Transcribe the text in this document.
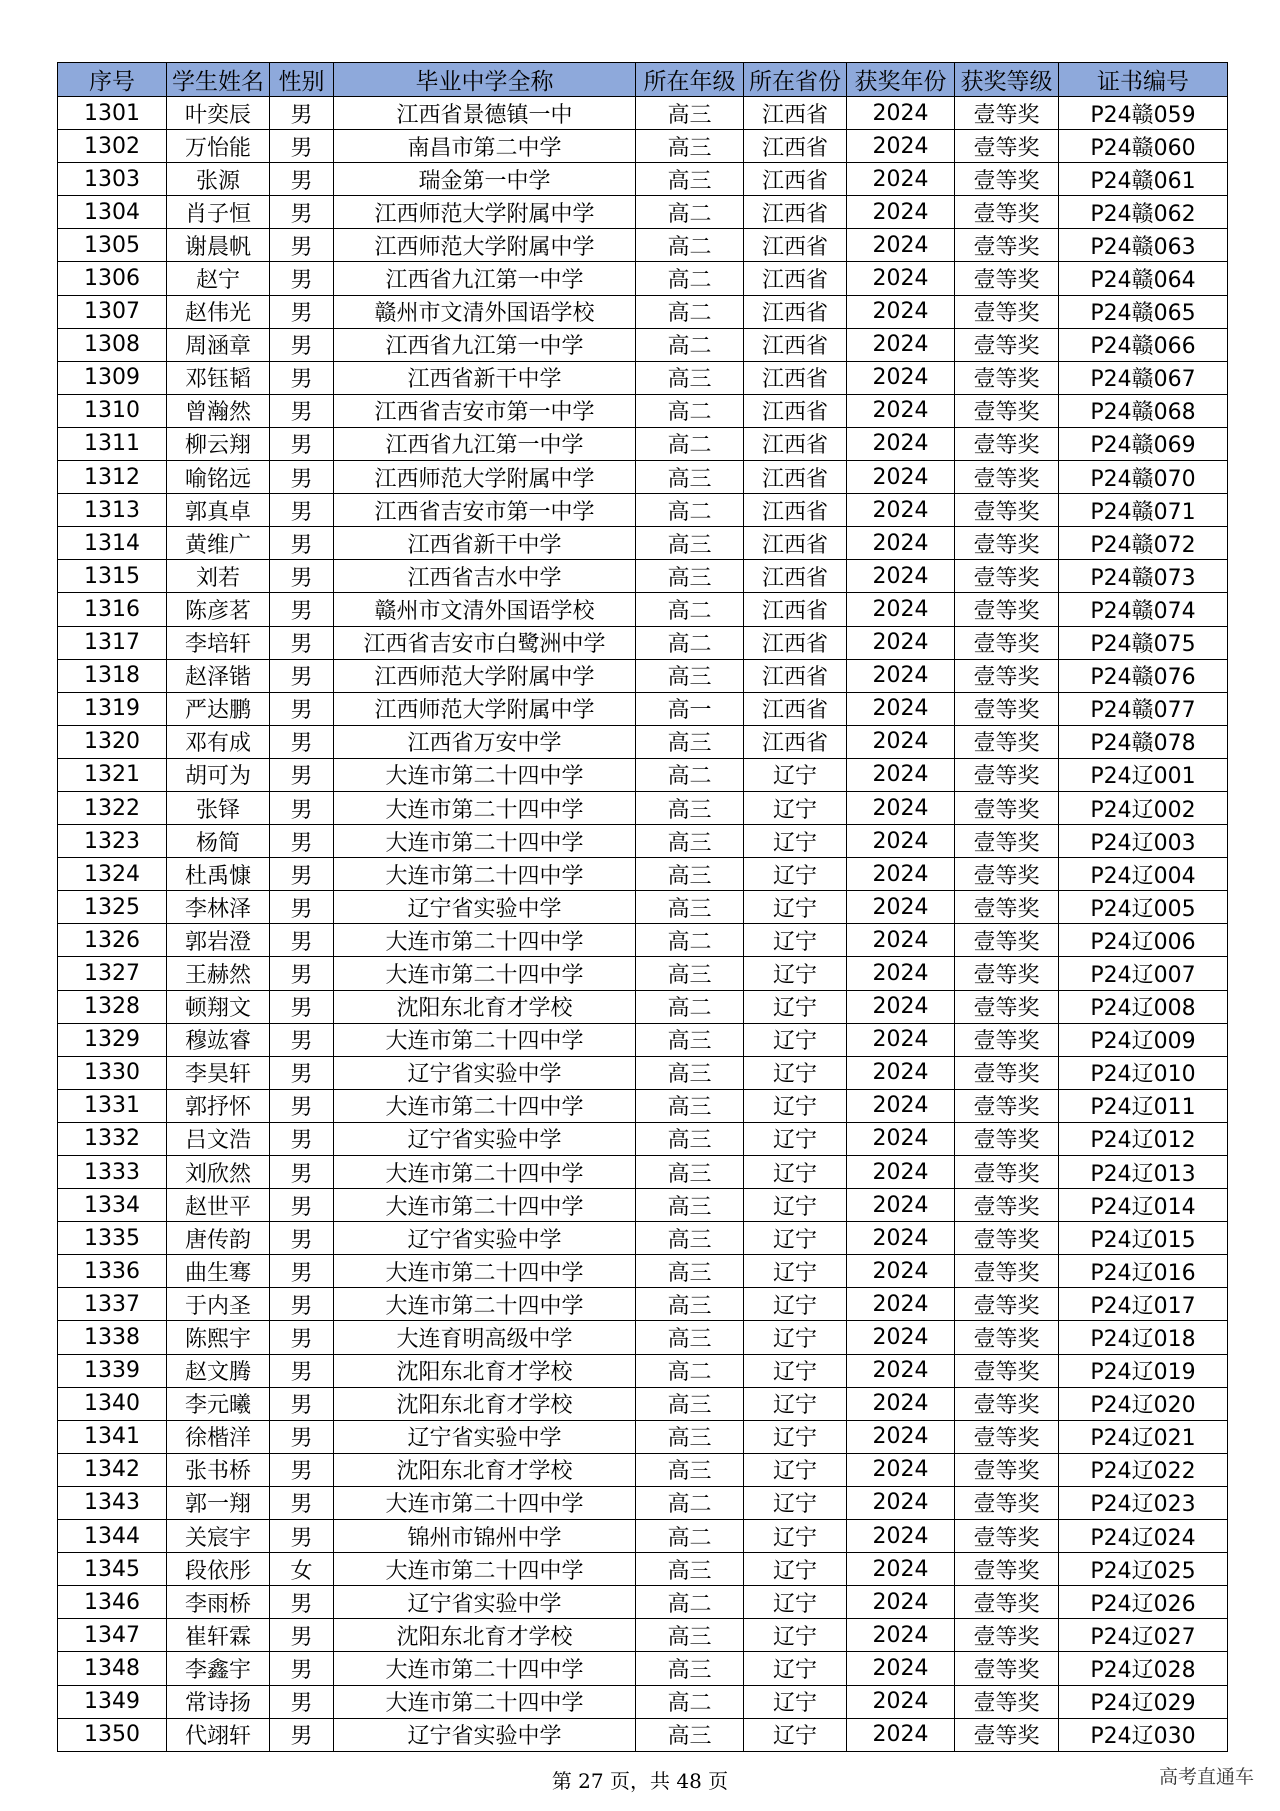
序号	学生姓名	性别	毕业中学全称	所在年级	所在省份	获奖年份	获奖等级	证书编号
1301	叶奕辰	男	江西省景德镇一中	高三	江西省	2024	壹等奖	P24赣059
1302	万怡能	男	南昌市第二中学	高三	江西省	2024	壹等奖	P24赣060
1303	张源	男	瑞金第一中学	高三	江西省	2024	壹等奖	P24赣061
1304	肖子恒	男	江西师范大学附属中学	高二	江西省	2024	壹等奖	P24赣062
1305	谢晨帆	男	江西师范大学附属中学	高二	江西省	2024	壹等奖	P24赣063
1306	赵宁	男	江西省九江第一中学	高二	江西省	2024	壹等奖	P24赣064
1307	赵伟光	男	赣州市文清外国语学校	高二	江西省	2024	壹等奖	P24赣065
1308	周涵章	男	江西省九江第一中学	高二	江西省	2024	壹等奖	P24赣066
1309	邓钰韬	男	江西省新干中学	高三	江西省	2024	壹等奖	P24赣067
1310	曾瀚然	男	江西省吉安市第一中学	高二	江西省	2024	壹等奖	P24赣068
1311	柳云翔	男	江西省九江第一中学	高二	江西省	2024	壹等奖	P24赣069
1312	喻铭远	男	江西师范大学附属中学	高三	江西省	2024	壹等奖	P24赣070
1313	郭真卓	男	江西省吉安市第一中学	高二	江西省	2024	壹等奖	P24赣071
1314	黄维广	男	江西省新干中学	高三	江西省	2024	壹等奖	P24赣072
1315	刘若	男	江西省吉水中学	高三	江西省	2024	壹等奖	P24赣073
1316	陈彦茗	男	赣州市文清外国语学校	高二	江西省	2024	壹等奖	P24赣074
1317	李培轩	男	江西省吉安市白鹭洲中学	高二	江西省	2024	壹等奖	P24赣075
1318	赵泽锴	男	江西师范大学附属中学	高三	江西省	2024	壹等奖	P24赣076
1319	严达鹏	男	江西师范大学附属中学	高一	江西省	2024	壹等奖	P24赣077
1320	邓有成	男	江西省万安中学	高三	江西省	2024	壹等奖	P24赣078
1321	胡可为	男	大连市第二十四中学	高二	辽宁	2024	壹等奖	P24辽001
1322	张铎	男	大连市第二十四中学	高三	辽宁	2024	壹等奖	P24辽002
1323	杨简	男	大连市第二十四中学	高三	辽宁	2024	壹等奖	P24辽003
1324	杜禹慷	男	大连市第二十四中学	高三	辽宁	2024	壹等奖	P24辽004
1325	李林泽	男	辽宁省实验中学	高三	辽宁	2024	壹等奖	P24辽005
1326	郭岩澄	男	大连市第二十四中学	高二	辽宁	2024	壹等奖	P24辽006
1327	王赫然	男	大连市第二十四中学	高三	辽宁	2024	壹等奖	P24辽007
1328	顿翔文	男	沈阳东北育才学校	高二	辽宁	2024	壹等奖	P24辽008
1329	穆竑睿	男	大连市第二十四中学	高三	辽宁	2024	壹等奖	P24辽009
1330	李昊轩	男	辽宁省实验中学	高三	辽宁	2024	壹等奖	P24辽010
1331	郭抒怀	男	大连市第二十四中学	高三	辽宁	2024	壹等奖	P24辽011
1332	吕文浩	男	辽宁省实验中学	高三	辽宁	2024	壹等奖	P24辽012
1333	刘欣然	男	大连市第二十四中学	高三	辽宁	2024	壹等奖	P24辽013
1334	赵世平	男	大连市第二十四中学	高三	辽宁	2024	壹等奖	P24辽014
1335	唐传韵	男	辽宁省实验中学	高三	辽宁	2024	壹等奖	P24辽015
1336	曲生骞	男	大连市第二十四中学	高三	辽宁	2024	壹等奖	P24辽016
1337	于内圣	男	大连市第二十四中学	高三	辽宁	2024	壹等奖	P24辽017
1338	陈熙宇	男	大连育明高级中学	高三	辽宁	2024	壹等奖	P24辽018
1339	赵文腾	男	沈阳东北育才学校	高二	辽宁	2024	壹等奖	P24辽019
1340	李元曦	男	沈阳东北育才学校	高三	辽宁	2024	壹等奖	P24辽020
1341	徐楷洋	男	辽宁省实验中学	高三	辽宁	2024	壹等奖	P24辽021
1342	张书桥	男	沈阳东北育才学校	高三	辽宁	2024	壹等奖	P24辽022
1343	郭一翔	男	大连市第二十四中学	高二	辽宁	2024	壹等奖	P24辽023
1344	关宸宇	男	锦州市锦州中学	高二	辽宁	2024	壹等奖	P24辽024
1345	段依彤	女	大连市第二十四中学	高三	辽宁	2024	壹等奖	P24辽025
1346	李雨桥	男	辽宁省实验中学	高二	辽宁	2024	壹等奖	P24辽026
1347	崔轩霖	男	沈阳东北育才学校	高三	辽宁	2024	壹等奖	P24辽027
1348	李鑫宇	男	大连市第二十四中学	高三	辽宁	2024	壹等奖	P24辽028
1349	常诗扬	男	大连市第二十四中学	高二	辽宁	2024	壹等奖	P24辽029
1350	代翊轩	男	辽宁省实验中学	高三	辽宁	2024	壹等奖	P24辽030
第 27 页，共 48 页	高考直通车
